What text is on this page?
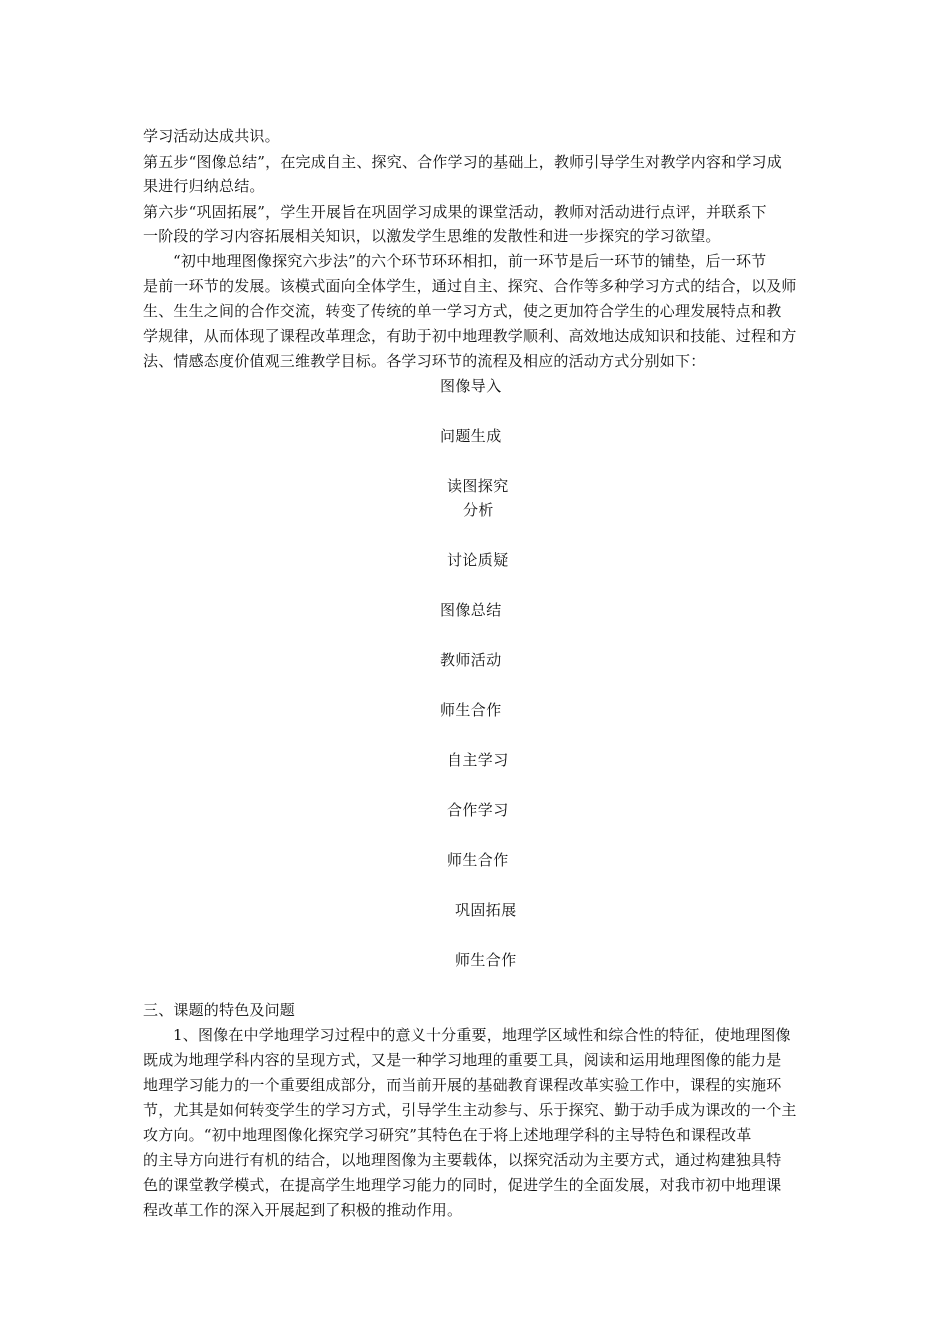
学习活动达成共识。
第五步“图像总结”，在完成自主、探究、合作学习的基础上，教师引导学生对教学内容和学习成
果进行归纳总结。
第六步“巩固拓展”，学生开展旨在巩固学习成果的课堂活动，教师对活动进行点评，并联系下
一阶段的学习内容拓展相关知识，以激发学生思维的发散性和进一步探究的学习欲望。
“初中地理图像探究六步法”的六个环节环环相扣，前一环节是后一环节的铺垫，后一环节
是前一环节的发展。该模式面向全体学生，通过自主、探究、合作等多种学习方式的结合，以及师
生、生生之间的合作交流，转变了传统的单一学习方式，使之更加符合学生的心理发展特点和教
学规律，从而体现了课程改革理念，有助于初中地理教学顺利、高效地达成知识和技能、过程和方
法、情感态度价值观三维教学目标。各学习环节的流程及相应的活动方式分别如下：
图像导入
问题生成
读图探究
分析
讨论质疑
图像总结
教师活动
师生合作
自主学习
合作学习
师生合作
巩固拓展
师生合作
三、课题的特色及问题
1、图像在中学地理学习过程中的意义十分重要，地理学区域性和综合性的特征，使地理图像
既成为地理学科内容的呈现方式，又是一种学习地理的重要工具，阅读和运用地理图像的能力是
地理学习能力的一个重要组成部分，而当前开展的基础教育课程改革实验工作中，课程的实施环
节，尤其是如何转变学生的学习方式，引导学生主动参与、乐于探究、勤于动手成为课改的一个主
攻方向。“初中地理图像化探究学习研究”其特色在于将上述地理学科的主导特色和课程改革
的主导方向进行有机的结合，以地理图像为主要载体，以探究活动为主要方式，通过构建独具特
色的课堂教学模式，在提高学生地理学习能力的同时，促进学生的全面发展，对我市初中地理课
程改革工作的深入开展起到了积极的推动作用。
